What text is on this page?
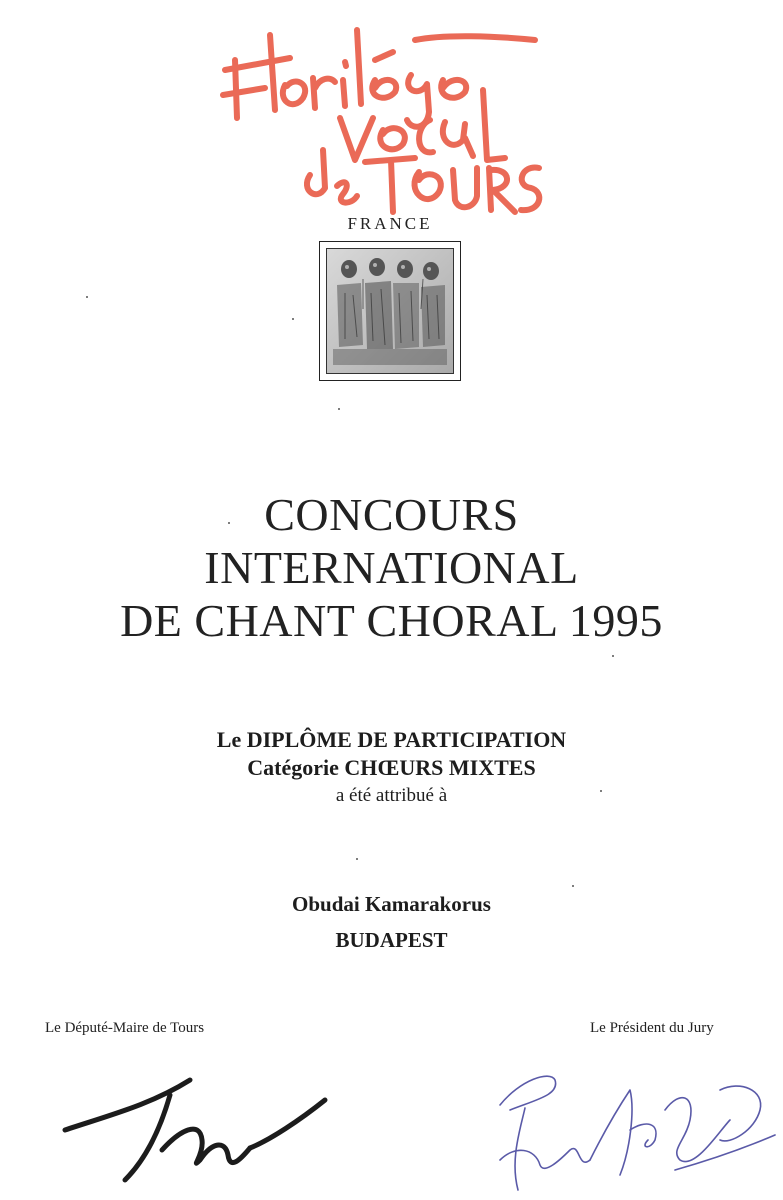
FRANCE
CONCOURS
INTERNATIONAL
DE CHANT CHORAL 1995
Le DIPLÔME DE PARTICIPATION
Catégorie CHŒURS MIXTES
a été attribué à
Obudai Kamarakorus
BUDAPEST
Le Député-Maire de Tours	Le Président du Jury
